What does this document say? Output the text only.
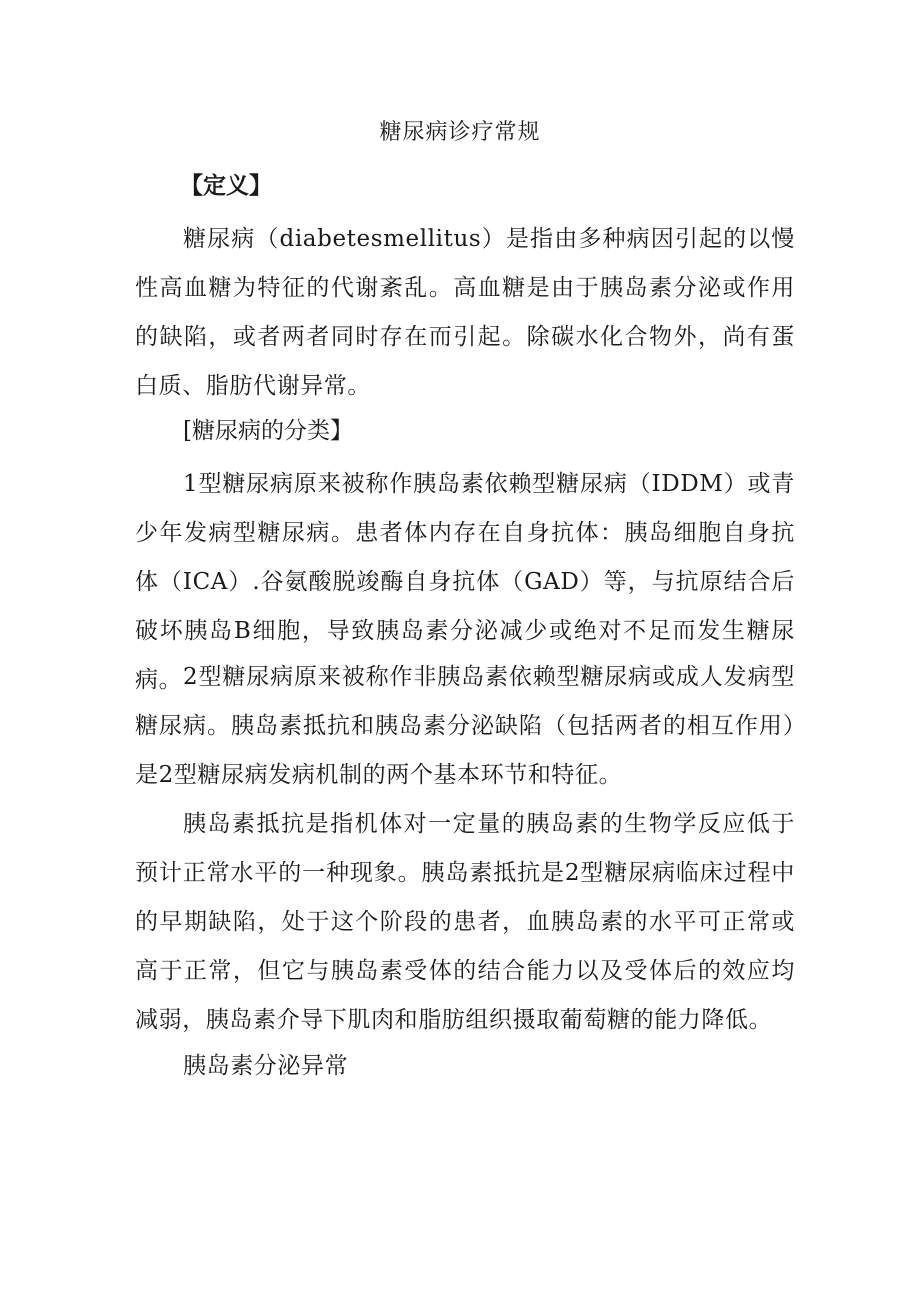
糖尿病诊疗常规
【定义】
糖尿病（diabetesmellitus）是指由多种病因引起的以慢性高血糖为特征的代谢紊乱。高血糖是由于胰岛素分泌或作用的缺陷，或者两者同时存在而引起。除碳水化合物外，尚有蛋白质、脂肪代谢异常。
[糖尿病的分类】
1型糖尿病原来被称作胰岛素依赖型糖尿病（IDDM）或青少年发病型糖尿病。患者体内存在自身抗体：胰岛细胞自身抗体（ICA）.谷氨酸脱竣酶自身抗体（GAD）等，与抗原结合后破坏胰岛B细胞，导致胰岛素分泌减少或绝对不足而发生糖尿病。 2型糖尿病原来被称作非胰岛素依赖型糖尿病或成人发病型糖尿病。胰岛素抵抗和胰岛素分泌缺陷（包括两者的相互作用）是2型糖尿病发病机制的两个基本环节和特征。
胰岛素抵抗是指机体对一定量的胰岛素的生物学反应低于预计正常水平的一种现象。胰岛素抵抗是2型糖尿病临床过程中的早期缺陷，处于这个阶段的患者，血胰岛素的水平可正常或高于正常，但它与胰岛素受体的结合能力以及受体后的效应均减弱，胰岛素介导下肌肉和脂肪组织摄取葡萄糖的能力降低。
胰岛素分泌异常
